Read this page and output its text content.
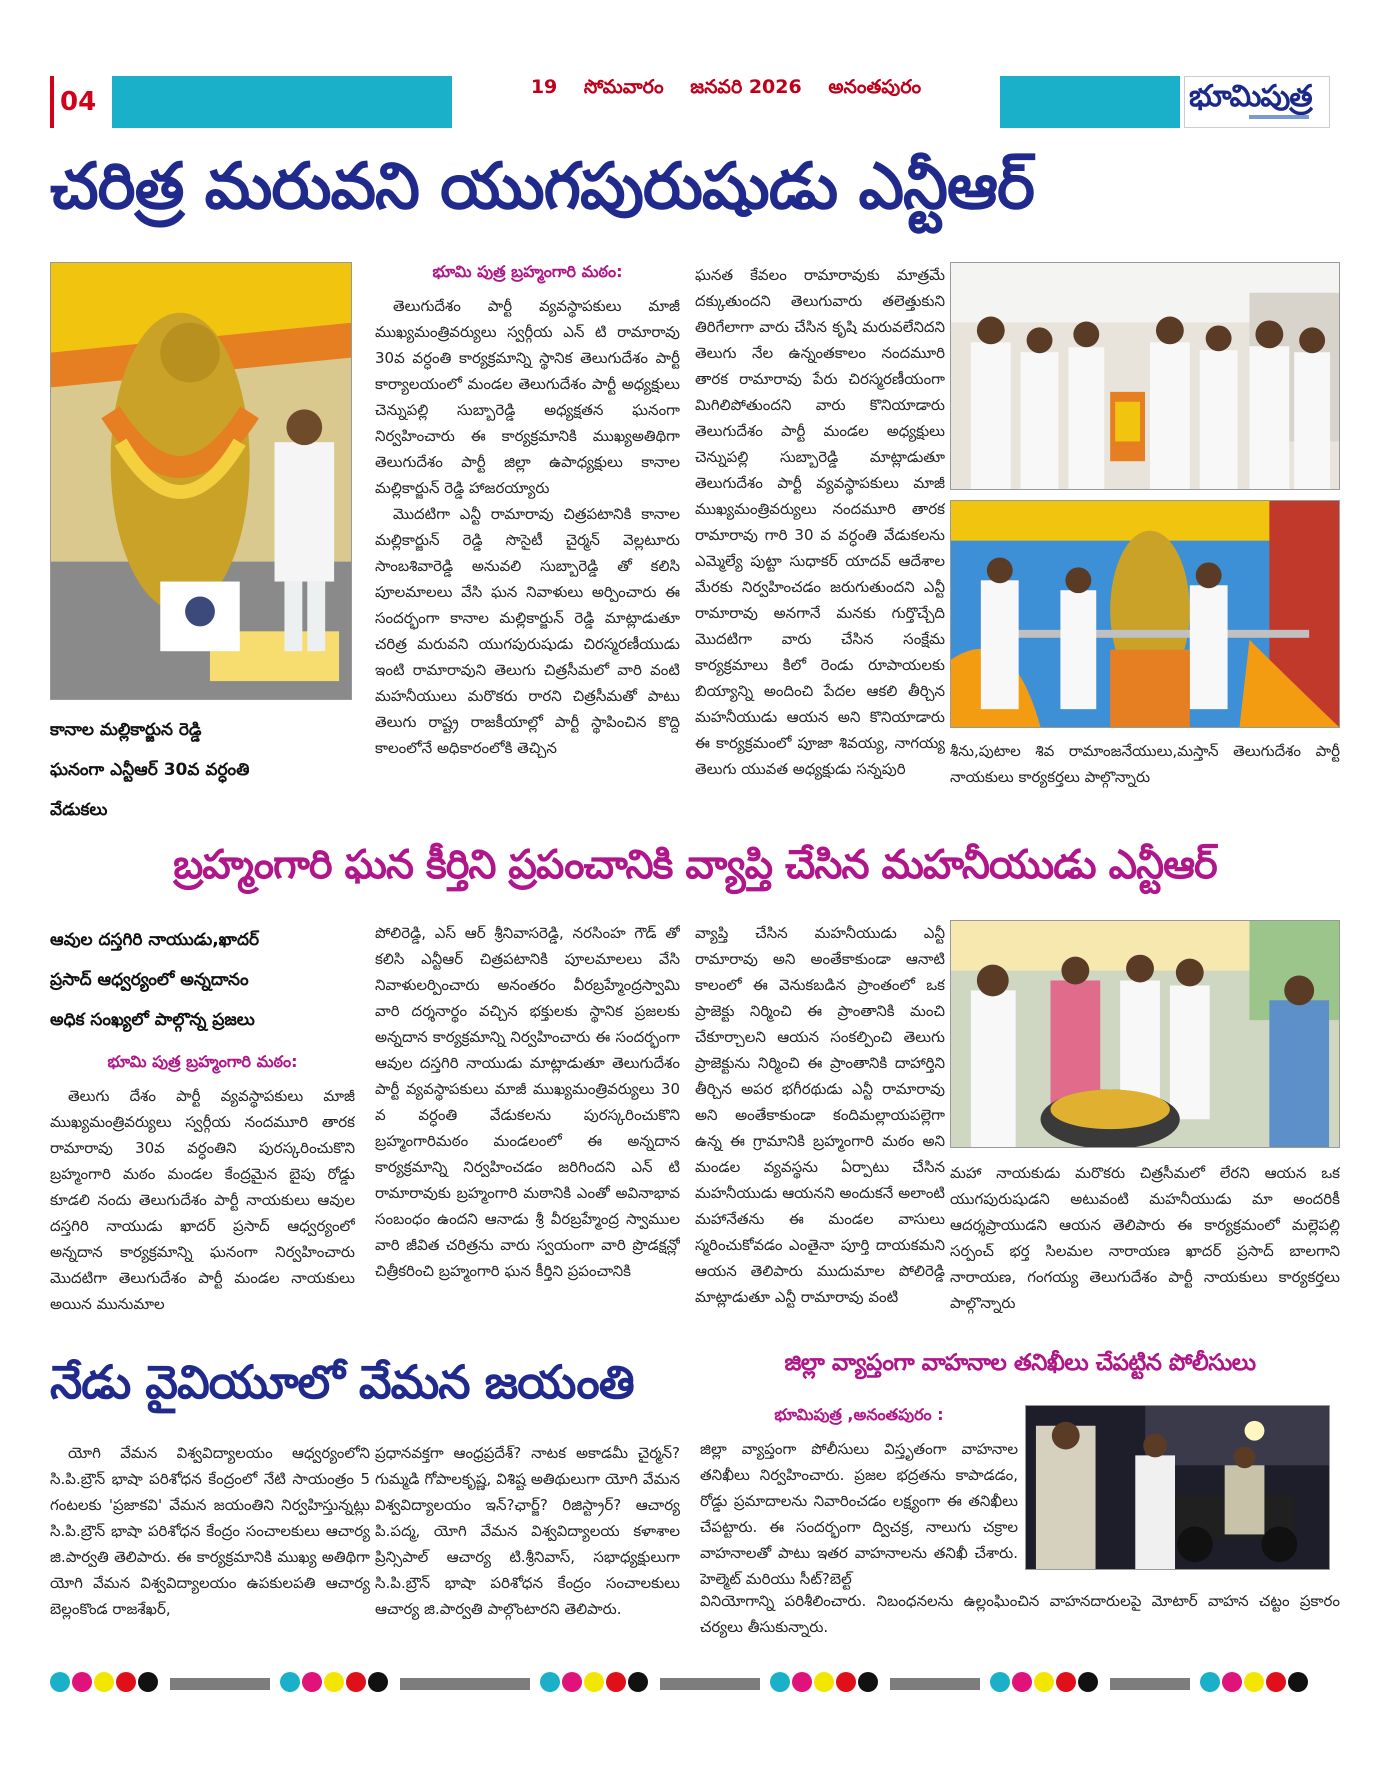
04	19 సోమవారం జనవరి 2026 అనంతపురం	భూమిపుత్ర
చరిత్ర మరువని యుగపురుషుడు ఎన్టీఆర్
కానాల మల్లికార్జున రెడ్డి
ఘనంగా ఎన్టీఆర్ 30వ వర్ధంతి
వేడుకలు
భూమి పుత్ర బ్రహ్మంగారి మఠం:

తెలుగుదేశం పార్టీ వ్యవస్థాపకులు మాజీ ముఖ్యమంత్రివర్యులు స్వర్గీయ ఎన్ టి రామారావు 30వ వర్ధంతి కార్యక్రమాన్ని స్థానిక తెలుగుదేశం పార్టీ కార్యాలయంలో మండల తెలుగుదేశం పార్టీ అధ్యక్షులు చెన్నుపల్లి సుబ్బారెడ్డి అధ్యక్షతన ఘనంగా నిర్వహించారు ఈ కార్యక్రమానికి ముఖ్యఅతిథిగా తెలుగుదేశం పార్టీ జిల్లా ఉపాధ్యక్షులు కానాల మల్లికార్జున్ రెడ్డి హాజరయ్యారు

మొదటిగా ఎన్టీ రామారావు చిత్రపటానికి కానాల మల్లికార్జున్ రెడ్డి సొసైటీ చైర్మన్ వెల్లటూరు సాంబశివారెడ్డి అనువలి సుబ్బారెడ్డి తో కలిసి పూలమాలలు వేసి ఘన నివాళులు అర్పించారు ఈ సందర్భంగా కానాల మల్లికార్జున్ రెడ్డి మాట్లాడుతూ చరిత్ర మరువని యుగపురుషుడు చిరస్మరణీయుడు ఇంటి రామారావుని తెలుగు చిత్రసీమలో వారి వంటి మహనీయులు మరొకరు రారని చిత్రసీమతో పాటు తెలుగు రాష్ట్ర రాజకీయాల్లో పార్టీ స్థాపించిన కొద్ది కాలంలోనే అధికారంలోకి తెచ్చిన

ఘనత కేవలం రామారావుకు మాత్రమే దక్కుతుందని తెలుగువారు తలెత్తుకుని తిరిగేలాగా వారు చేసిన కృషి మరువలేనిదని తెలుగు నేల ఉన్నంతకాలం నందమూరి తారక రామారావు పేరు చిరస్మరణీయంగా మిగిలిపోతుందని వారు కొనియాడారు తెలుగుదేశం పార్టీ మండల అధ్యక్షులు చెన్నుపల్లి సుబ్బారెడ్డి మాట్లాడుతూ తెలుగుదేశం పార్టీ వ్యవస్థాపకులు మాజీ ముఖ్యమంత్రివర్యులు నందమూరి తారక రామారావు గారి 30 వ వర్ధంతి వేడుకలను ఎమ్మెల్యే పుట్టా సుధాకర్ యాదవ్ ఆదేశాల మేరకు నిర్వహించడం జరుగుతుందని ఎన్టీ రామారావు అనగానే మనకు గుర్తొచ్చేది మొదటిగా వారు చేసిన సంక్షేమ కార్యక్రమాలు కిలో రెండు రూపాయలకు బియ్యాన్ని అందించి పేదల ఆకలి తీర్చిన మహనీయుడు ఆయన అని కొనియాడారు ఈ కార్యక్రమంలో పూజా శివయ్య, నాగయ్య తెలుగు యువత అధ్యక్షుడు సన్నపురి

శీను,పుటాల శివ రామాంజనేయులు,మస్తాన్ తెలుగుదేశం పార్టీ నాయకులు కార్యకర్తలు పాల్గొన్నారు

బ్రహ్మంగారి ఘన కీర్తిని ప్రపంచానికి వ్యాప్తి చేసిన మహనీయుడు ఎన్టీఆర్
ఆవుల దస్తగిరి నాయుడు,ఖాదర్
ప్రసాద్ ఆధ్వర్యంలో అన్నదానం
అధిక సంఖ్యలో పాల్గొన్న ప్రజలు
భూమి పుత్ర బ్రహ్మంగారి మఠం:

తెలుగు దేశం పార్టీ వ్యవస్థాపకులు మాజీ ముఖ్యమంత్రివర్యులు స్వర్గీయ నందమూరి తారక రామారావు 30వ వర్ధంతిని పురస్కరించుకొని బ్రహ్మంగారి మఠం మండల కేంద్రమైన బైపు రోడ్డు కూడలి నందు తెలుగుదేశం పార్టీ నాయకులు ఆవుల దస్తగిరి నాయుడు ఖాదర్ ప్రసాద్ ఆధ్వర్యంలో అన్నదాన కార్యక్రమాన్ని ఘనంగా నిర్వహించారు మొదటిగా తెలుగుదేశం పార్టీ మండల నాయకులు అయిన మునుమాల

పోలిరెడ్డి, ఎస్ ఆర్ శ్రీనివాసరెడ్డి, నరసింహ గౌడ్ తో కలిసి ఎన్టీఆర్ చిత్రపటానికి పూలమాలలు వేసి నివాళులర్పించారు అనంతరం వీరబ్రహ్మేంద్రస్వామి వారి దర్శనార్థం వచ్చిన భక్తులకు స్థానిక ప్రజలకు అన్నదాన కార్యక్రమాన్ని నిర్వహించారు ఈ సందర్భంగా ఆవుల దస్తగిరి నాయుడు మాట్లాడుతూ తెలుగుదేశం పార్టీ వ్యవస్థాపకులు మాజీ ముఖ్యమంత్రివర్యులు 30 వ వర్ధంతి వేడుకలను పురస్కరించుకొని బ్రహ్మంగారిమఠం మండలంలో ఈ అన్నదాన కార్యక్రమాన్ని నిర్వహించడం జరిగిందని ఎన్ టి రామారావుకు బ్రహ్మంగారి మఠానికి ఎంతో అవినాభావ సంబంధం ఉందని ఆనాడు శ్రీ వీరబ్రహ్మేంద్ర స్వాముల వారి జీవిత చరిత్రను వారు స్వయంగా వారి ప్రొడక్షన్లో చిత్రీకరించి బ్రహ్మంగారి ఘన కీర్తిని ప్రపంచానికి

వ్యాప్తి చేసిన మహనీయుడు ఎన్టీ రామారావు అని అంతేకాకుండా ఆనాటి కాలంలో ఈ వెనుకబడిన ప్రాంతంలో ఒక ప్రాజెక్టు నిర్మించి ఈ ప్రాంతానికి మంచి చేకూర్చాలని ఆయన సంకల్పించి తెలుగు ప్రాజెక్టును నిర్మించి ఈ ప్రాంతానికి దాహార్తిని తీర్చిన అపర భగీరథుడు ఎన్టీ రామారావు అని అంతేకాకుండా కందిమల్లాయపల్లెగా ఉన్న ఈ గ్రామానికి బ్రహ్మంగారి మఠం అని మండల వ్యవస్థను ఏర్పాటు చేసిన మహనీయుడు ఆయనని అందుకనే అలాంటి మహానేతను ఈ మండల వాసులు స్మరించుకోవడం ఎంతైనా పూర్తి దాయకమని ఆయన తెలిపారు ముదుమాల పోలిరెడ్డి మాట్లాడుతూ ఎన్టీ రామారావు వంటి

మహా నాయకుడు మరొకరు చిత్రసీమలో లేరని ఆయన ఒక యుగపురుషుడని అటువంటి మహనీయుడు మా అందరికీ ఆదర్శప్రాయుడని ఆయన తెలిపారు ఈ కార్యక్రమంలో మల్లెపల్లి సర్పంచ్ భర్త సిలమల నారాయణ ఖాదర్ ప్రసాద్ బాలగాని నారాయణ, గంగయ్య తెలుగుదేశం పార్టీ నాయకులు కార్యకర్తలు పాల్గొన్నారు

నేడు వైవియూలో వేమన జయంతి

యోగి వేమన విశ్వవిద్యాలయం ఆధ్వర్యంలోని సి.పి.బ్రౌన్ భాషా పరిశోధన కేంద్రంలో నేటి సాయంత్రం 5 గంటలకు 'ప్రజాకవి' వేమన జయంతిని నిర్వహిస్తున్నట్లు సి.పి.బ్రౌన్ భాషా పరిశోధన కేంద్రం సంచాలకులు ఆచార్య జి.పార్వతి తెలిపారు. ఈ కార్యక్రమానికి ముఖ్య అతిథిగా యోగి వేమన విశ్వవిద్యాలయం ఉపకులపతి ఆచార్య బెల్లంకొండ రాజశేఖర్,

ప్రధానవక్తగా ఆంధ్రప్రదేశ్? నాటక అకాడమీ చైర్మన్? గుమ్మడి గోపాలకృష్ణ, విశిష్ట అతిథులుగా యోగి వేమన విశ్వవిద్యాలయం ఇన్?ఛార్జ్? రిజిస్ట్రార్? ఆచార్య పి.పద్మ, యోగి వేమన విశ్వవిద్యాలయ కళాశాల ప్రిన్సిపాల్ ఆచార్య టి.శ్రీనివాస్, సభాధ్యక్షులుగా సి.పి.బ్రౌన్ భాషా పరిశోధన కేంద్రం సంచాలకులు ఆచార్య జి.పార్వతి పాల్గొంటారని తెలిపారు.

జిల్లా వ్యాప్తంగా వాహనాల తనిఖీలు చేపట్టిన పోలీసులు
భూమిపుత్ర ,అనంతపురం :

జిల్లా వ్యాప్తంగా పోలీసులు విస్తృతంగా వాహనాల తనిఖీలు నిర్వహించారు. ప్రజల భద్రతను కాపాడడం, రోడ్డు ప్రమాదాలను నివారించడం లక్ష్యంగా ఈ తనిఖీలు చేపట్టారు. ఈ సందర్భంగా ద్విచక్ర, నాలుగు చక్రాల వాహనాలతో పాటు ఇతర వాహనాలను తనిఖీ చేశారు. హెల్మెట్ మరియు సీట్?బెల్ట్

వినియోగాన్ని పరిశీలించారు. నిబంధనలను ఉల్లంఘించిన వాహనదారులపై మోటార్ వాహన చట్టం ప్రకారం చర్యలు తీసుకున్నారు.
